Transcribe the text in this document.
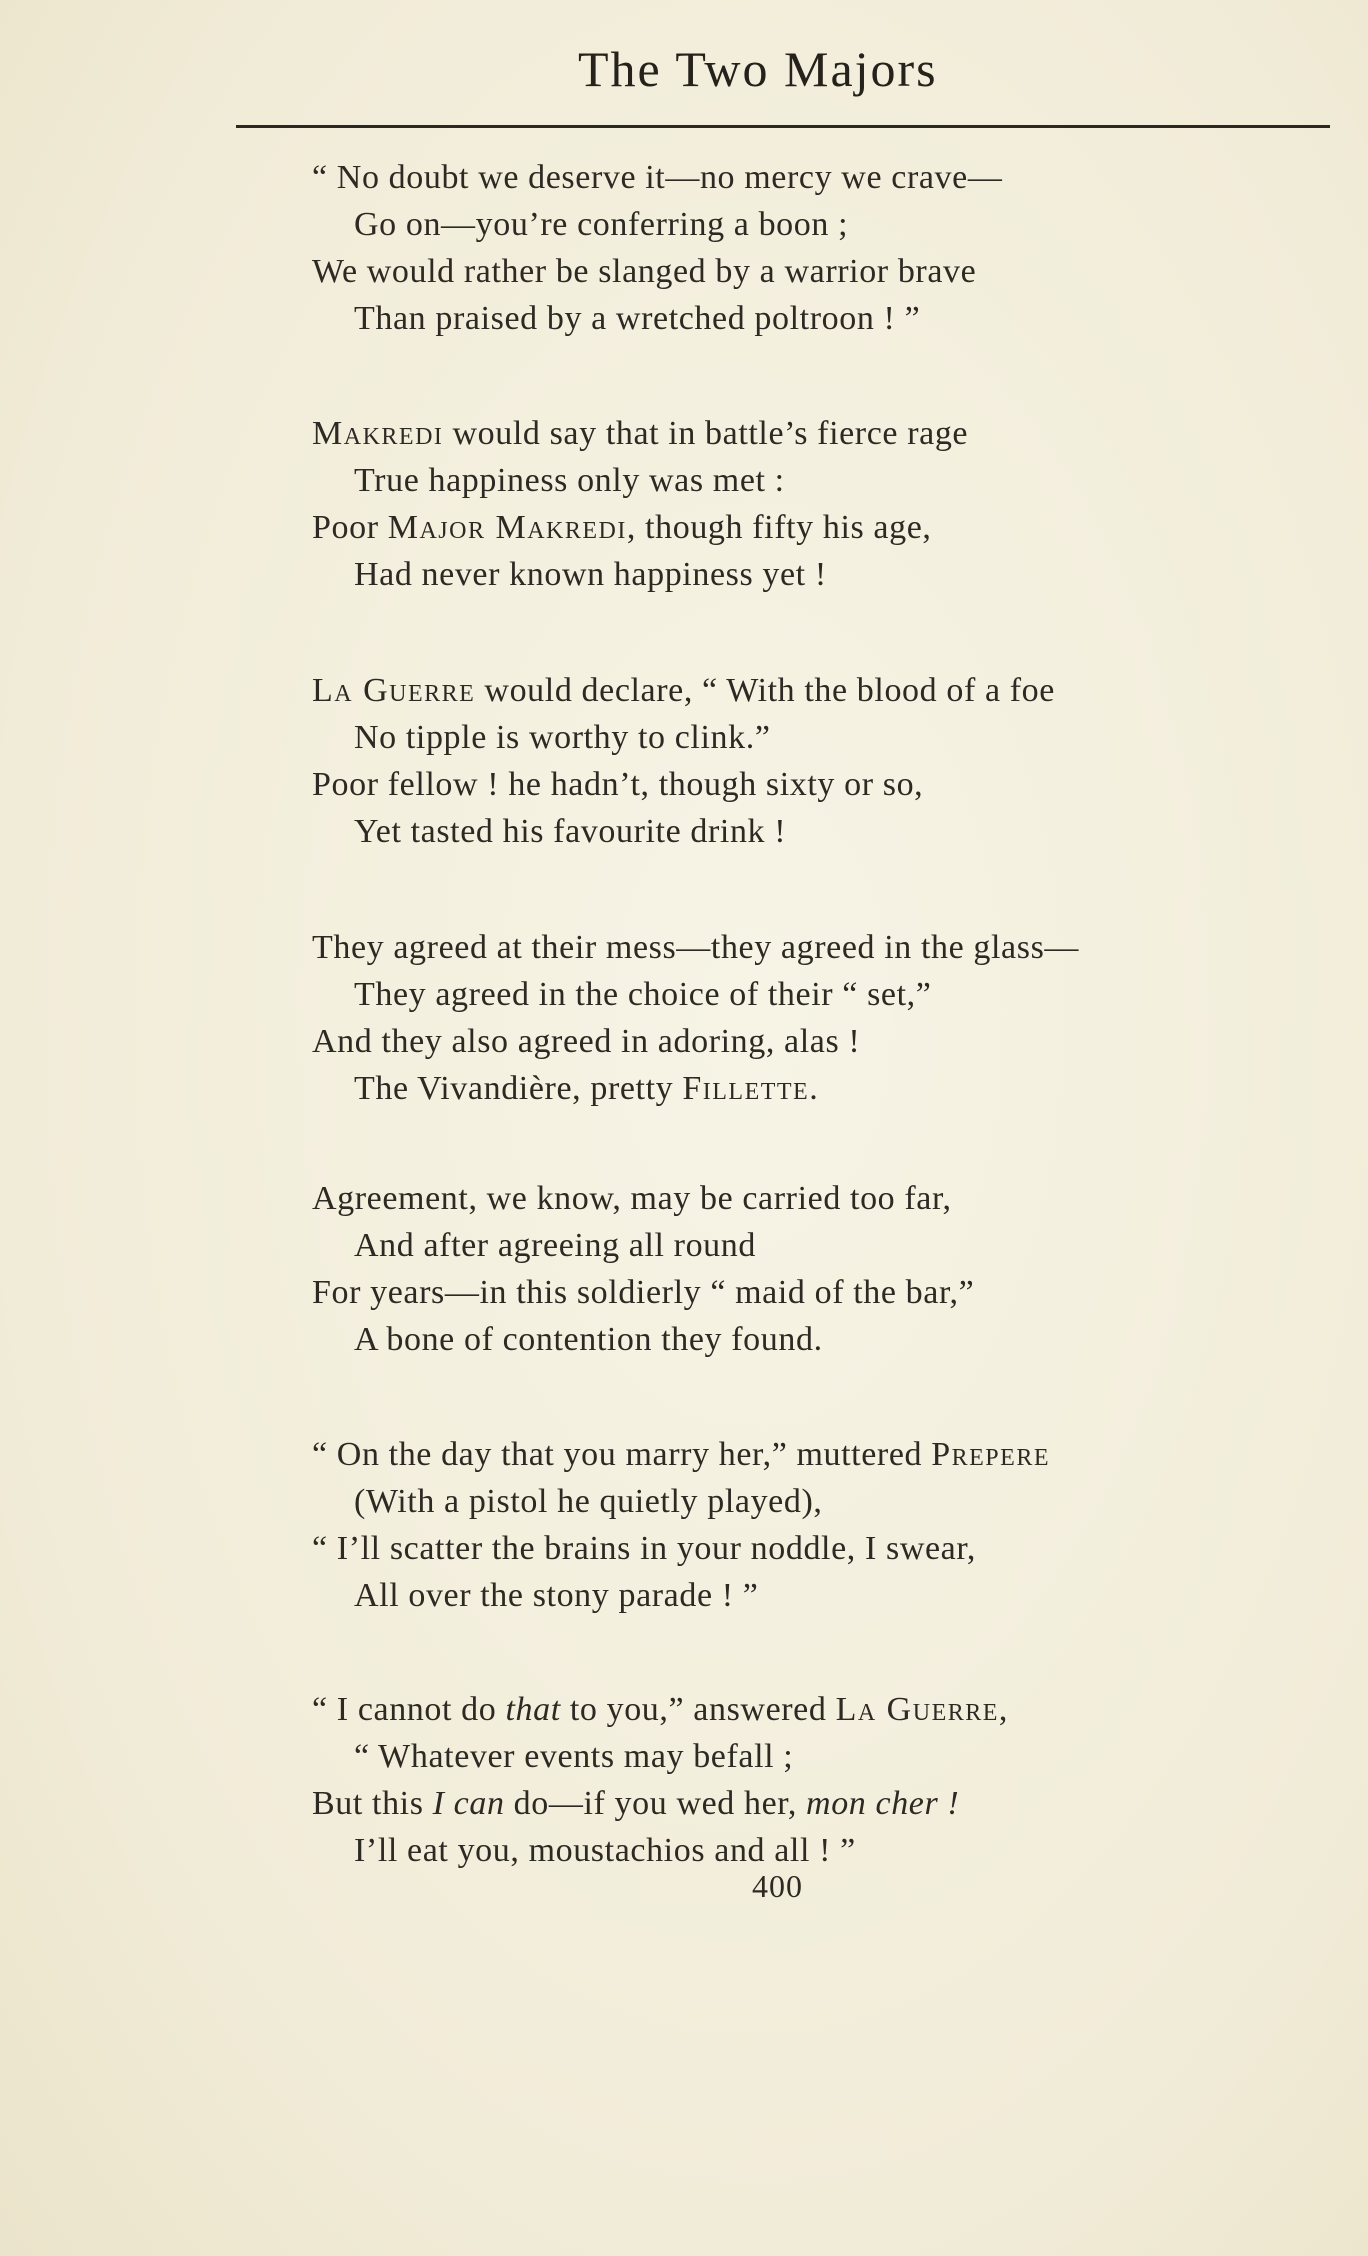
The Two Majors
“ No doubt we deserve it—no mercy we crave—
Go on—you’re conferring a boon ;
We would rather be slanged by a warrior brave
Than praised by a wretched poltroon ! ”
Makredi would say that in battle’s fierce rage
True happiness only was met :
Poor Major Makredi, though fifty his age,
Had never known happiness yet !
La Guerre would declare, “ With the blood of a foe
No tipple is worthy to clink.”
Poor fellow ! he hadn’t, though sixty or so,
Yet tasted his favourite drink !
They agreed at their mess—they agreed in the glass—
They agreed in the choice of their “ set,”
And they also agreed in adoring, alas !
The Vivandière, pretty Fillette.
Agreement, we know, may be carried too far,
And after agreeing all round
For years—in this soldierly “ maid of the bar,”
A bone of contention they found.
“ On the day that you marry her,” muttered Prepere
(With a pistol he quietly played),
“ I’ll scatter the brains in your noddle, I swear,
All over the stony parade ! ”
“ I cannot do that to you,” answered La Guerre,
“ Whatever events may befall ;
But this I can do—if you wed her, mon cher !
I’ll eat you, moustachios and all ! ”
400
